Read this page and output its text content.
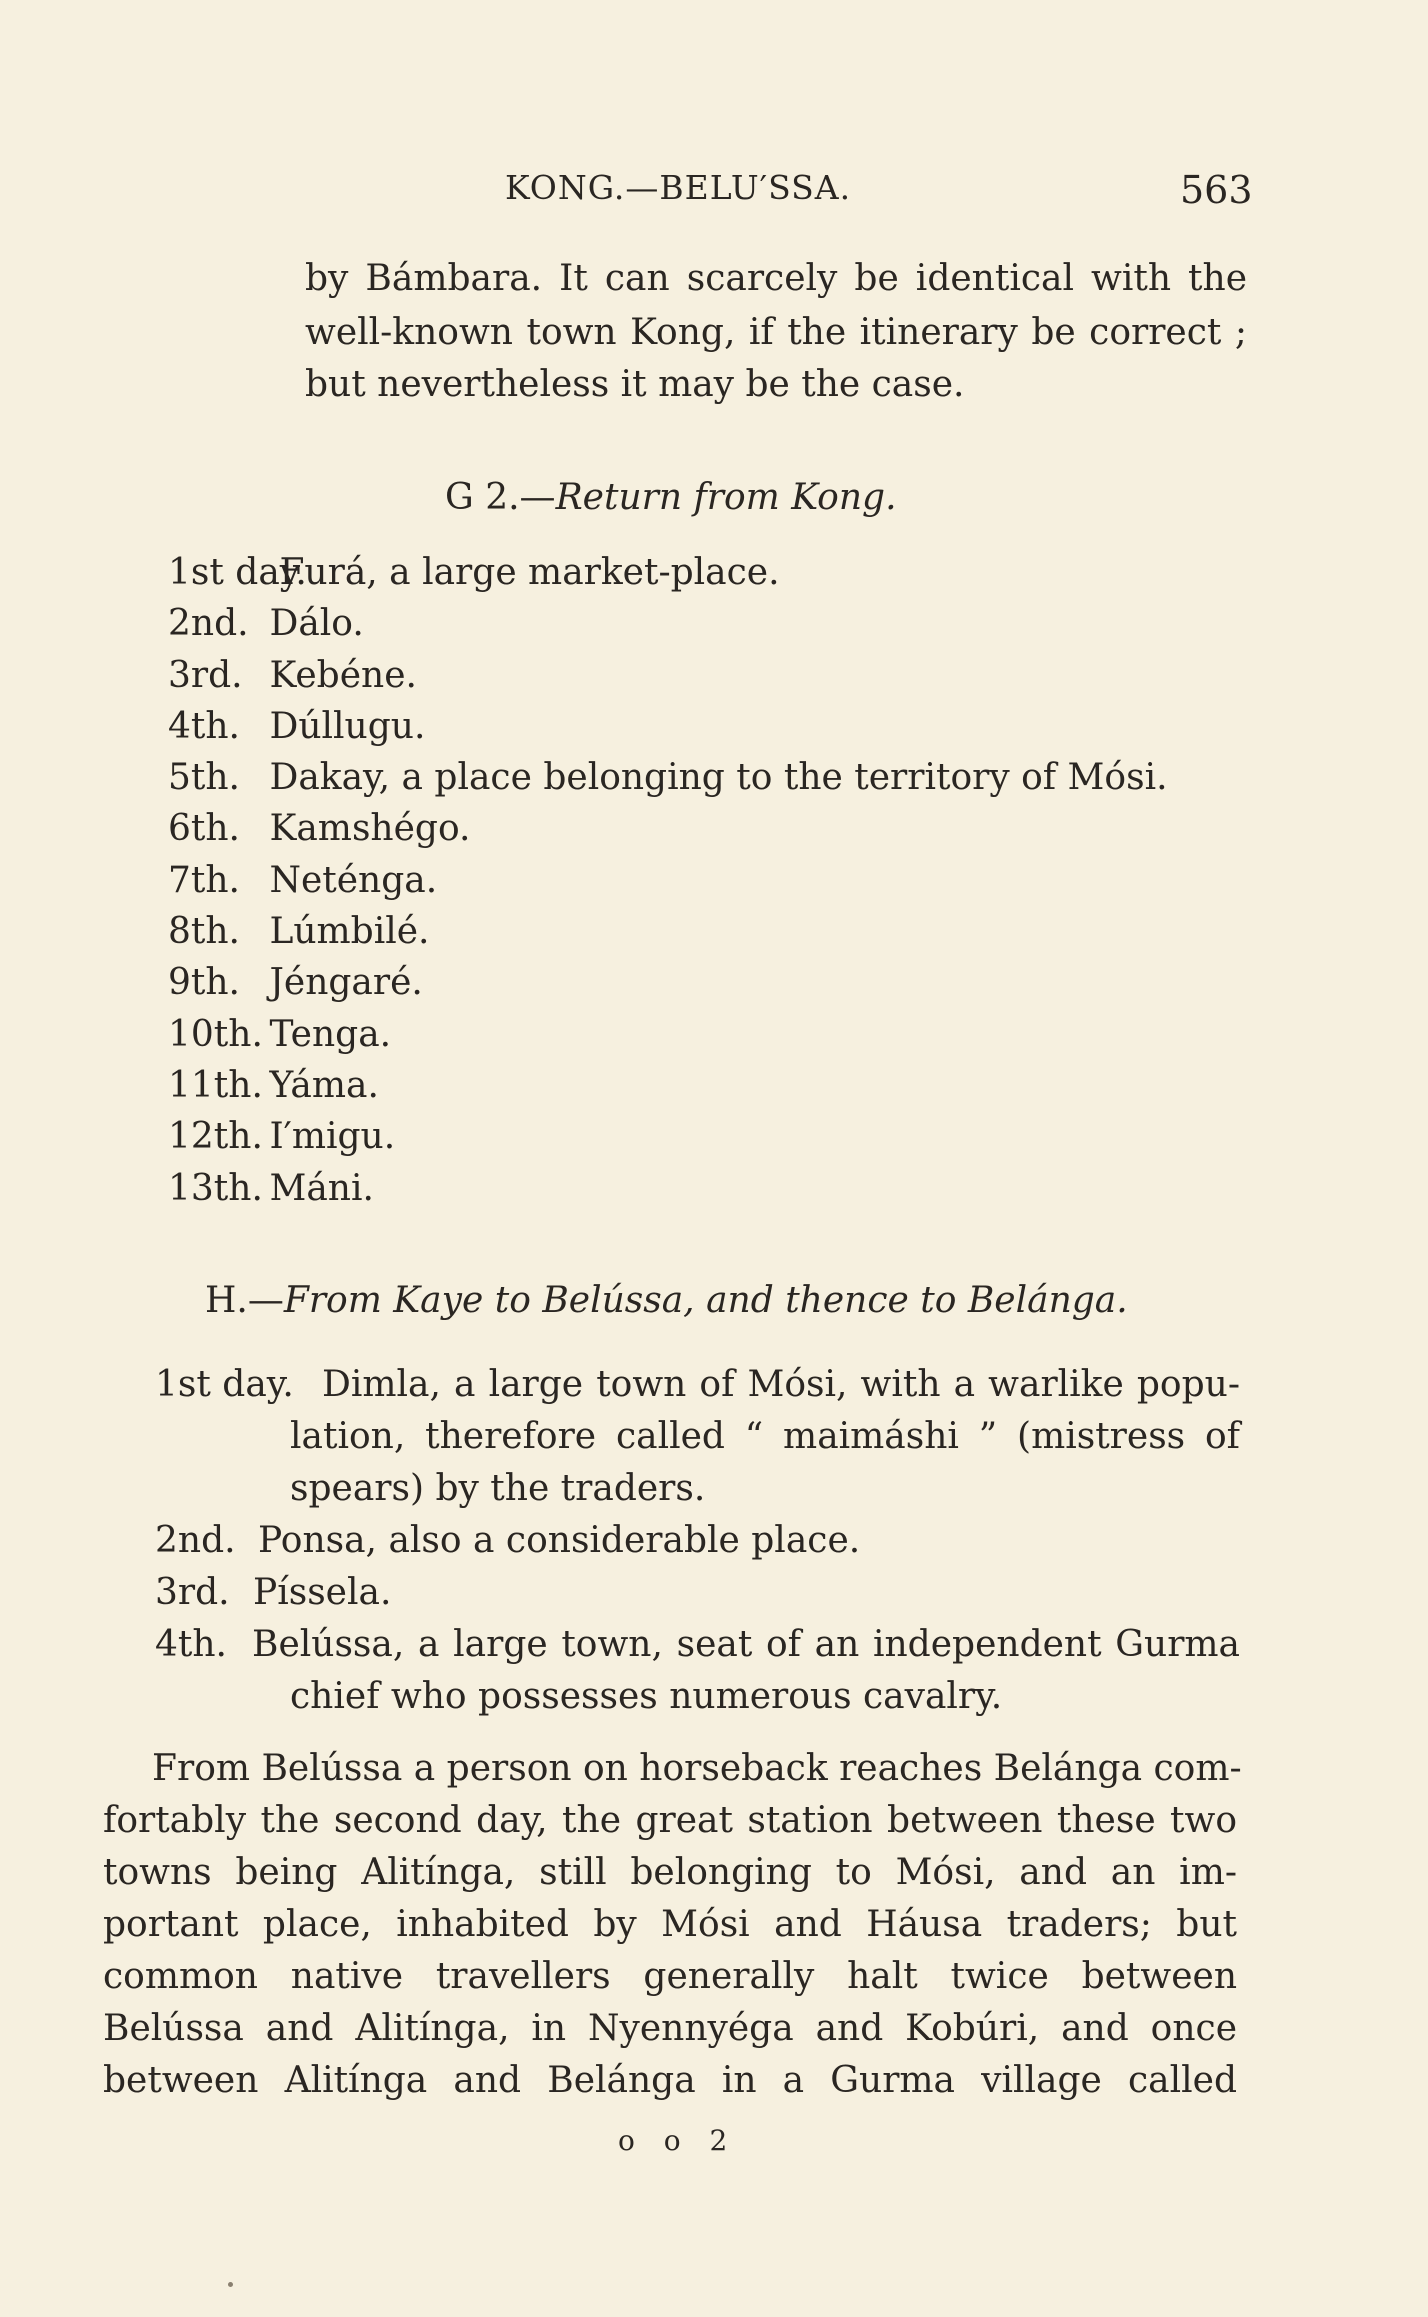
KONG.—BELU′SSA.	563
by Bámbara. It can scarcely be identical with the
well-known town Kong, if the itinerary be correct ;
but nevertheless it may be the case.
G 2.—Return from Kong.
1st day. Furá, a large market-place.
2nd. Dálo.
3rd. Kebéne.
4th. Dúllugu.
5th. Dakay, a place belonging to the territory of Mósi.
6th. Kamshégo.
7th. Neténga.
8th. Lúmbilé.
9th. Jéngaré.
10th. Tenga.
11th. Yáma.
12th. I′migu.
13th. Máni.
H.—From Kaye to Belússa, and thence to Belánga.
1st day. Dimla, a large town of Mósi, with a warlike popu-
lation, therefore called “ maimáshi ” (mistress of
spears) by the traders.
2nd. Ponsa, also a considerable place.
3rd. Píssela.
4th. Belússa, a large town, seat of an independent Gurma
chief who possesses numerous cavalry.
From Belússa a person on horseback reaches Belánga com-
fortably the second day, the great station between these two
towns being Alitínga, still belonging to Mósi, and an im-
portant place, inhabited by Mósi and Háusa traders; but
common native travellers generally halt twice between
Belússa and Alitínga, in Nyennyéga and Kobúri, and once
between Alitínga and Belánga in a Gurma village called
o o 2
